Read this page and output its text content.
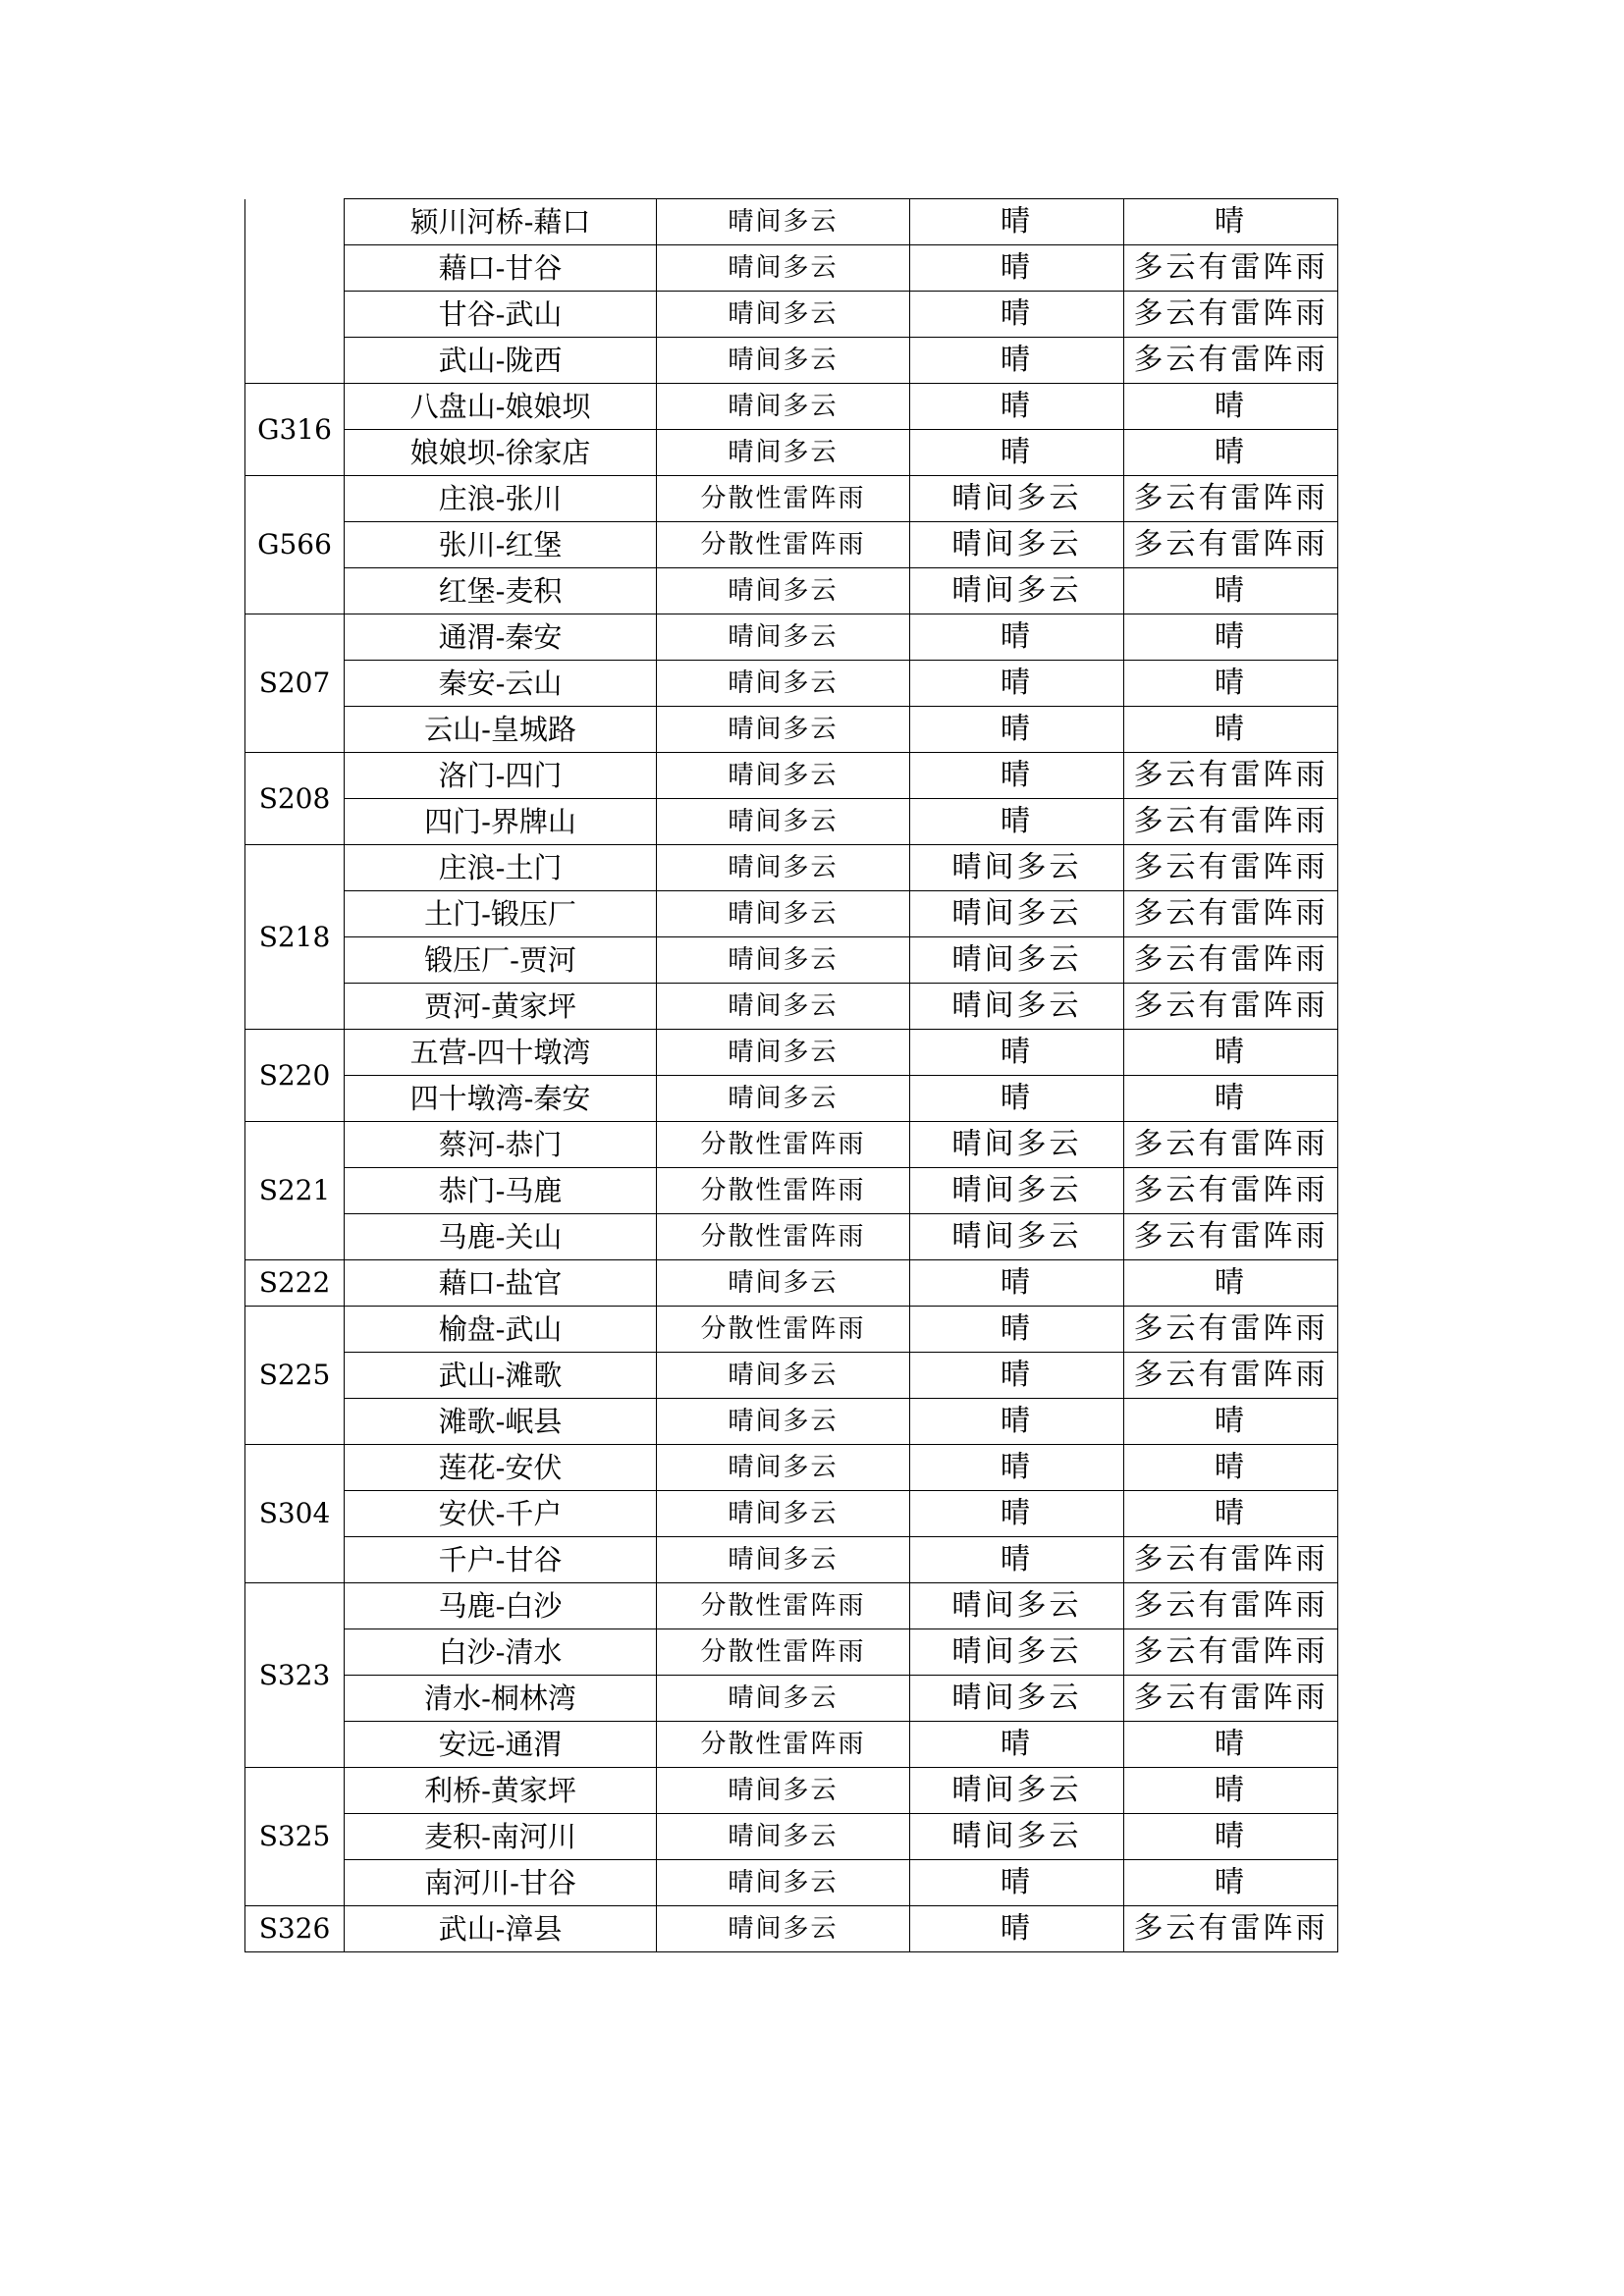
	颍川河桥-藉口	晴间多云	晴	晴
	藉口-甘谷	晴间多云	晴	多云有雷阵雨
	甘谷-武山	晴间多云	晴	多云有雷阵雨
	武山-陇西	晴间多云	晴	多云有雷阵雨
G316	八盘山-娘娘坝	晴间多云	晴	晴
	娘娘坝-徐家店	晴间多云	晴	晴
G566	庄浪-张川	分散性雷阵雨	晴间多云	多云有雷阵雨
	张川-红堡	分散性雷阵雨	晴间多云	多云有雷阵雨
	红堡-麦积	晴间多云	晴间多云	晴
S207	通渭-秦安	晴间多云	晴	晴
	秦安-云山	晴间多云	晴	晴
	云山-皇城路	晴间多云	晴	晴
S208	洛门-四门	晴间多云	晴	多云有雷阵雨
	四门-界牌山	晴间多云	晴	多云有雷阵雨
S218	庄浪-土门	晴间多云	晴间多云	多云有雷阵雨
	土门-锻压厂	晴间多云	晴间多云	多云有雷阵雨
	锻压厂-贾河	晴间多云	晴间多云	多云有雷阵雨
	贾河-黄家坪	晴间多云	晴间多云	多云有雷阵雨
S220	五营-四十墩湾	晴间多云	晴	晴
	四十墩湾-秦安	晴间多云	晴	晴
S221	蔡河-恭门	分散性雷阵雨	晴间多云	多云有雷阵雨
	恭门-马鹿	分散性雷阵雨	晴间多云	多云有雷阵雨
	马鹿-关山	分散性雷阵雨	晴间多云	多云有雷阵雨
S222	藉口-盐官	晴间多云	晴	晴
S225	榆盘-武山	分散性雷阵雨	晴	多云有雷阵雨
	武山-滩歌	晴间多云	晴	多云有雷阵雨
	滩歌-岷县	晴间多云	晴	晴
S304	莲花-安伏	晴间多云	晴	晴
	安伏-千户	晴间多云	晴	晴
	千户-甘谷	晴间多云	晴	多云有雷阵雨
S323	马鹿-白沙	分散性雷阵雨	晴间多云	多云有雷阵雨
	白沙-清水	分散性雷阵雨	晴间多云	多云有雷阵雨
	清水-桐林湾	晴间多云	晴间多云	多云有雷阵雨
	安远-通渭	分散性雷阵雨	晴	晴
S325	利桥-黄家坪	晴间多云	晴间多云	晴
	麦积-南河川	晴间多云	晴间多云	晴
	南河川-甘谷	晴间多云	晴	晴
S326	武山-漳县	晴间多云	晴	多云有雷阵雨
